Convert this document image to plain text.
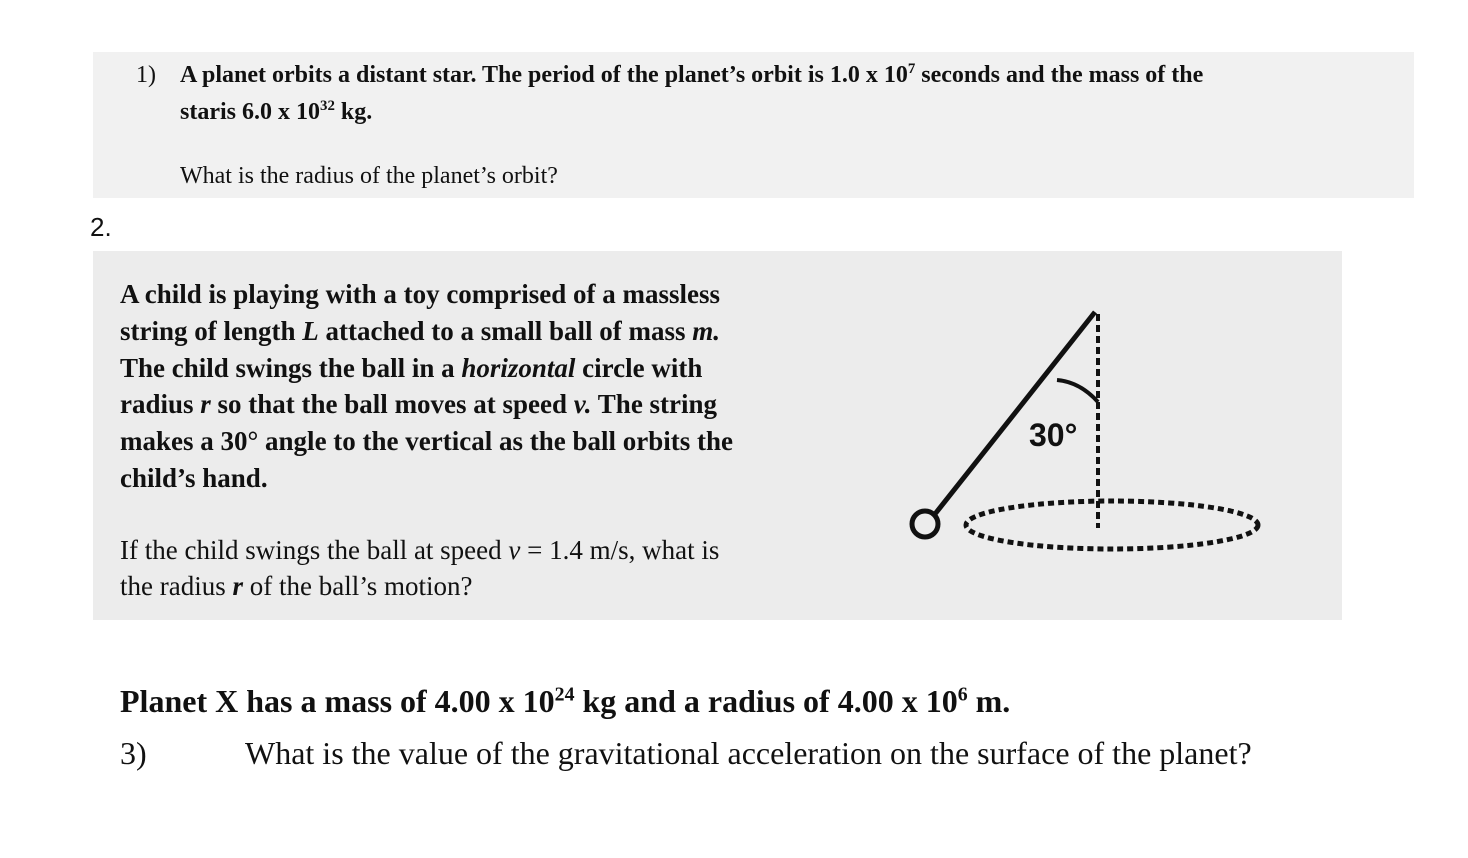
1) A planet orbits a distant star. The period of the planet’s orbit is 1.0 x $10^7$ seconds and the mass of the
staris 6.0 x $10^{32}$ kg.
What is the radius of the planet’s orbit?
2.
A child is playing with a toy comprised of a massless
string of length L attached to a small ball of mass m.
The child swings the ball in a horizontal circle with
radius r so that the ball moves at speed v. The string
makes a 30° angle to the vertical as the ball orbits the
child’s hand.
If the child swings the ball at speed v = 1.4 m/s, what is
the radius r of the ball’s motion?
30°
Planet X has a mass of 4.00 x $10^{24}$ kg and a radius of 4.00 x $10^6$ m.
3)	What is the value of the gravitational acceleration on the surface of the planet?
